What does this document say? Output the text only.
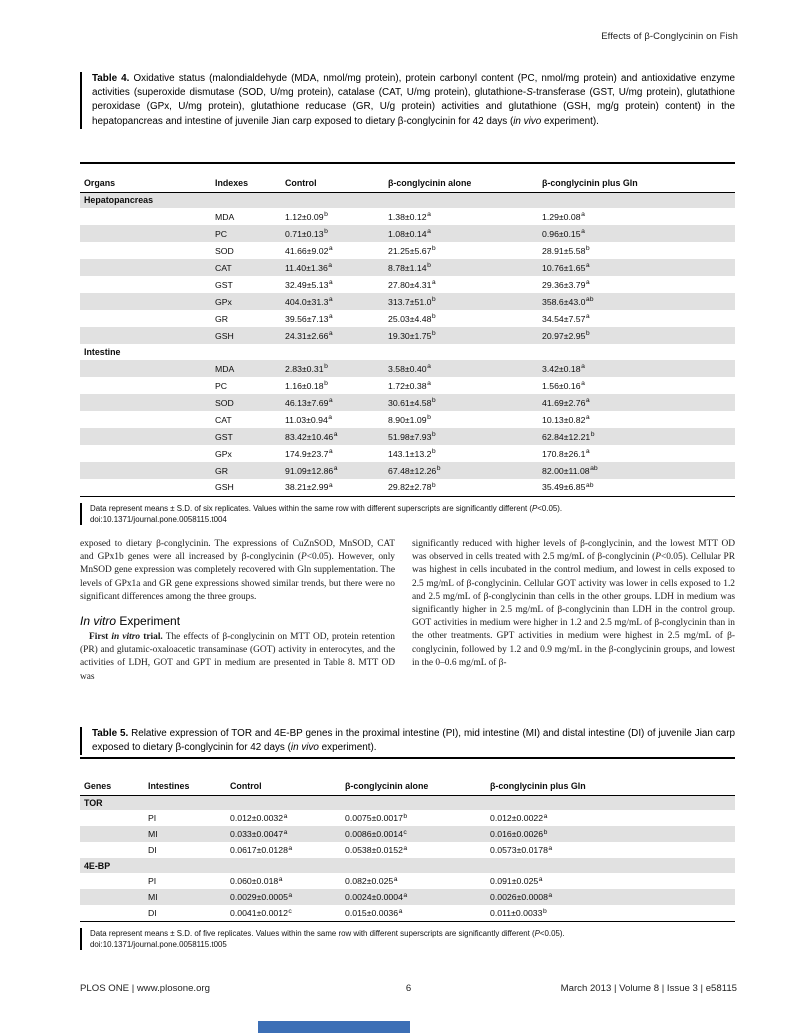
Effects of β-Conglycinin on Fish
Table 4. Oxidative status (malondialdehyde (MDA, nmol/mg protein), protein carbonyl content (PC, nmol/mg protein) and antioxidative enzyme activities (superoxide dismutase (SOD, U/mg protein), catalase (CAT, U/mg protein), glutathione-S-transferase (GST, U/mg protein), glutathione peroxidase (GPx, U/mg protein), glutathione reducase (GR, U/g protein) activities and glutathione (GSH, mg/g protein) content) in the hepatopancreas and intestine of juvenile Jian carp exposed to dietary β-conglycinin for 42 days (in vivo experiment).
Organs	Indexes	Control	β-conglycinin alone	β-conglycinin plus Gln
Hepatopancreas				
	MDA	1.12±0.09$^b$	1.38±0.12$^a$	1.29±0.08$^a$
	PC	0.71±0.13$^b$	1.08±0.14$^a$	0.96±0.15$^a$
	SOD	41.66±9.02$^a$	21.25±5.67$^b$	28.91±5.58$^b$
	CAT	11.40±1.36$^a$	8.78±1.14$^b$	10.76±1.65$^a$
	GST	32.49±5.13$^a$	27.80±4.31$^a$	29.36±3.79$^a$
	GPx	404.0±31.3$^a$	313.7±51.0$^b$	358.6±43.0$^{ab}$
	GR	39.56±7.13$^a$	25.03±4.48$^b$	34.54±7.57$^a$
	GSH	24.31±2.66$^a$	19.30±1.75$^b$	20.97±2.95$^b$
Intestine				
	MDA	2.83±0.31$^b$	3.58±0.40$^a$	3.42±0.18$^a$
	PC	1.16±0.18$^b$	1.72±0.38$^a$	1.56±0.16$^a$
	SOD	46.13±7.69$^a$	30.61±4.58$^b$	41.69±2.76$^a$
	CAT	11.03±0.94$^a$	8.90±1.09$^b$	10.13±0.82$^a$
	GST	83.42±10.46$^a$	51.98±7.93$^b$	62.84±12.21$^b$
	GPx	174.9±23.7$^a$	143.1±13.2$^b$	170.8±26.1$^a$
	GR	91.09±12.86$^a$	67.48±12.26$^b$	82.00±11.08$^{ab}$
	GSH	38.21±2.99$^a$	29.82±2.78$^b$	35.49±6.85$^{ab}$
Data represent means ± S.D. of six replicates. Values within the same row with different superscripts are significantly different (P<0.05).
doi:10.1371/journal.pone.0058115.t004

exposed to dietary β-conglycinin. The expressions of CuZnSOD, MnSOD, CAT and GPx1b genes were all increased by β-conglycinin (P<0.05). However, only MnSOD gene expression was completely recovered with Gln supplementation. The levels of GPx1a and GR gene expressions showed similar trends, but there were no significant differences among the three groups.

In vitro Experiment

First in vitro trial. The effects of β-conglycinin on MTT OD, protein retention (PR) and glutamic-oxaloacetic transaminase (GOT) activity in enterocytes, and the activities of LDH, GOT and GPT in medium are presented in Table 8. MTT OD was

significantly reduced with higher levels of β-conglycinin, and the lowest MTT OD was observed in cells treated with 2.5 mg/mL of β-conglycinin (P<0.05). Cellular PR was highest in cells incubated in the control medium, and lowest in cells exposed to 2.5 mg/mL of β-conglycinin. Cellular GOT activity was lower in cells exposed to 1.2 and 2.5 mg/mL of β-conglycinin than cells in the other groups. LDH in medium was significantly higher in 2.5 mg/mL of β-conglycinin than LDH in the control group. GOT activities in medium were higher in 1.2 and 2.5 mg/mL of β-conglycinin than in the other treatments. GPT activities in medium were highest in 2.5 mg/mL of β-conglycinin, followed by 1.2 and 0.9 mg/mL in the β-conglycinin groups, and lowest in the 0–0.6 mg/mL of β-

Table 5. Relative expression of TOR and 4E-BP genes in the proximal intestine (PI), mid intestine (MI) and distal intestine (DI) of juvenile Jian carp exposed to dietary β-conglycinin for 42 days (in vivo experiment).
Genes	Intestines	Control	β-conglycinin alone	β-conglycinin plus Gln
TOR				
	PI	0.012±0.0032$^a$	0.0075±0.0017$^b$	0.012±0.0022$^a$
	MI	0.033±0.0047$^a$	0.0086±0.0014$^c$	0.016±0.0026$^b$
	DI	0.0617±0.0128$^a$	0.0538±0.0152$^a$	0.0573±0.0178$^a$
4E-BP				
	PI	0.060±0.018$^a$	0.082±0.025$^a$	0.091±0.025$^a$
	MI	0.0029±0.0005$^a$	0.0024±0.0004$^a$	0.0026±0.0008$^a$
	DI	0.0041±0.0012$^c$	0.015±0.0036$^a$	0.011±0.0033$^b$
Data represent means ± S.D. of five replicates. Values within the same row with different superscripts are significantly different (P<0.05).
doi:10.1371/journal.pone.0058115.t005
PLOS ONE | www.plosone.org	6	March 2013 | Volume 8 | Issue 3 | e58115
